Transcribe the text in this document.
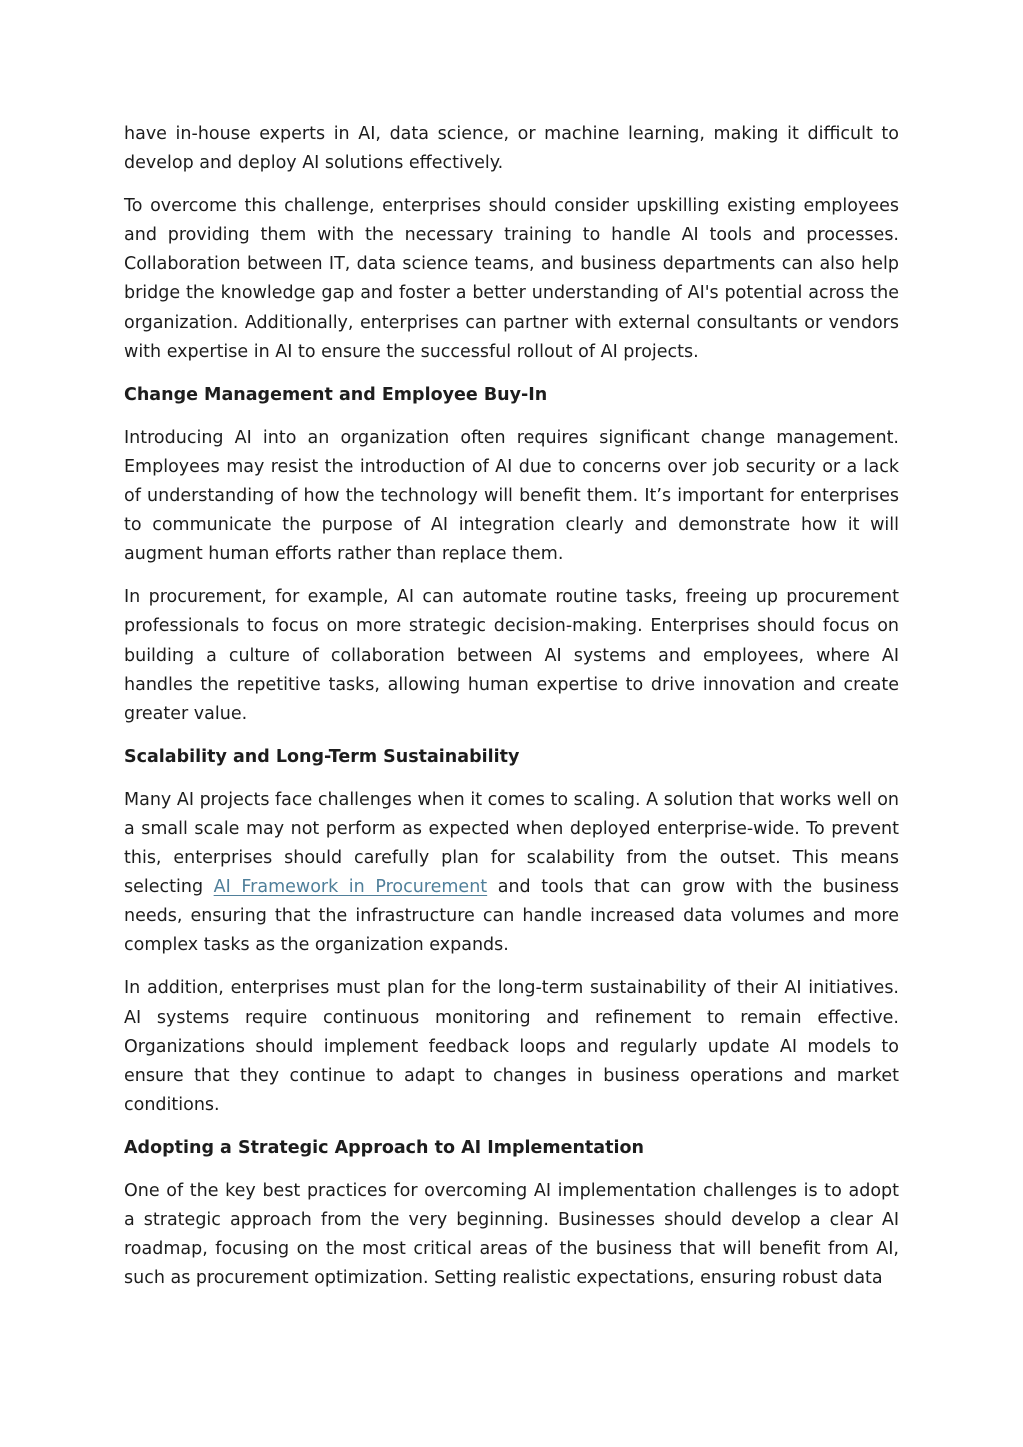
have in-house experts in AI, data science, or machine learning, making it difficult to develop and deploy AI solutions effectively.

To overcome this challenge, enterprises should consider upskilling existing employees and providing them with the necessary training to handle AI tools and processes. Collaboration between IT, data science teams, and business departments can also help bridge the knowledge gap and foster a better understanding of AI's potential across the organization. Additionally, enterprises can partner with external consultants or vendors with expertise in AI to ensure the successful rollout of AI projects.

Change Management and Employee Buy-In

Introducing AI into an organization often requires significant change management. Employees may resist the introduction of AI due to concerns over job security or a lack of understanding of how the technology will benefit them. It’s important for enterprises to communicate the purpose of AI integration clearly and demonstrate how it will augment human efforts rather than replace them.

In procurement, for example, AI can automate routine tasks, freeing up procurement professionals to focus on more strategic decision-making. Enterprises should focus on building a culture of collaboration between AI systems and employees, where AI handles the repetitive tasks, allowing human expertise to drive innovation and create greater value.

Scalability and Long-Term Sustainability

Many AI projects face challenges when it comes to scaling. A solution that works well on a small scale may not perform as expected when deployed enterprise-wide. To prevent this, enterprises should carefully plan for scalability from the outset. This means selecting AI Framework in Procurement and tools that can grow with the business needs, ensuring that the infrastructure can handle increased data volumes and more complex tasks as the organization expands.

In addition, enterprises must plan for the long-term sustainability of their AI initiatives. AI systems require continuous monitoring and refinement to remain effective. Organizations should implement feedback loops and regularly update AI models to ensure that they continue to adapt to changes in business operations and market conditions.

Adopting a Strategic Approach to AI Implementation

One of the key best practices for overcoming AI implementation challenges is to adopt a strategic approach from the very beginning. Businesses should develop a clear AI roadmap, focusing on the most critical areas of the business that will benefit from AI, such as procurement optimization. Setting realistic expectations, ensuring robust data
